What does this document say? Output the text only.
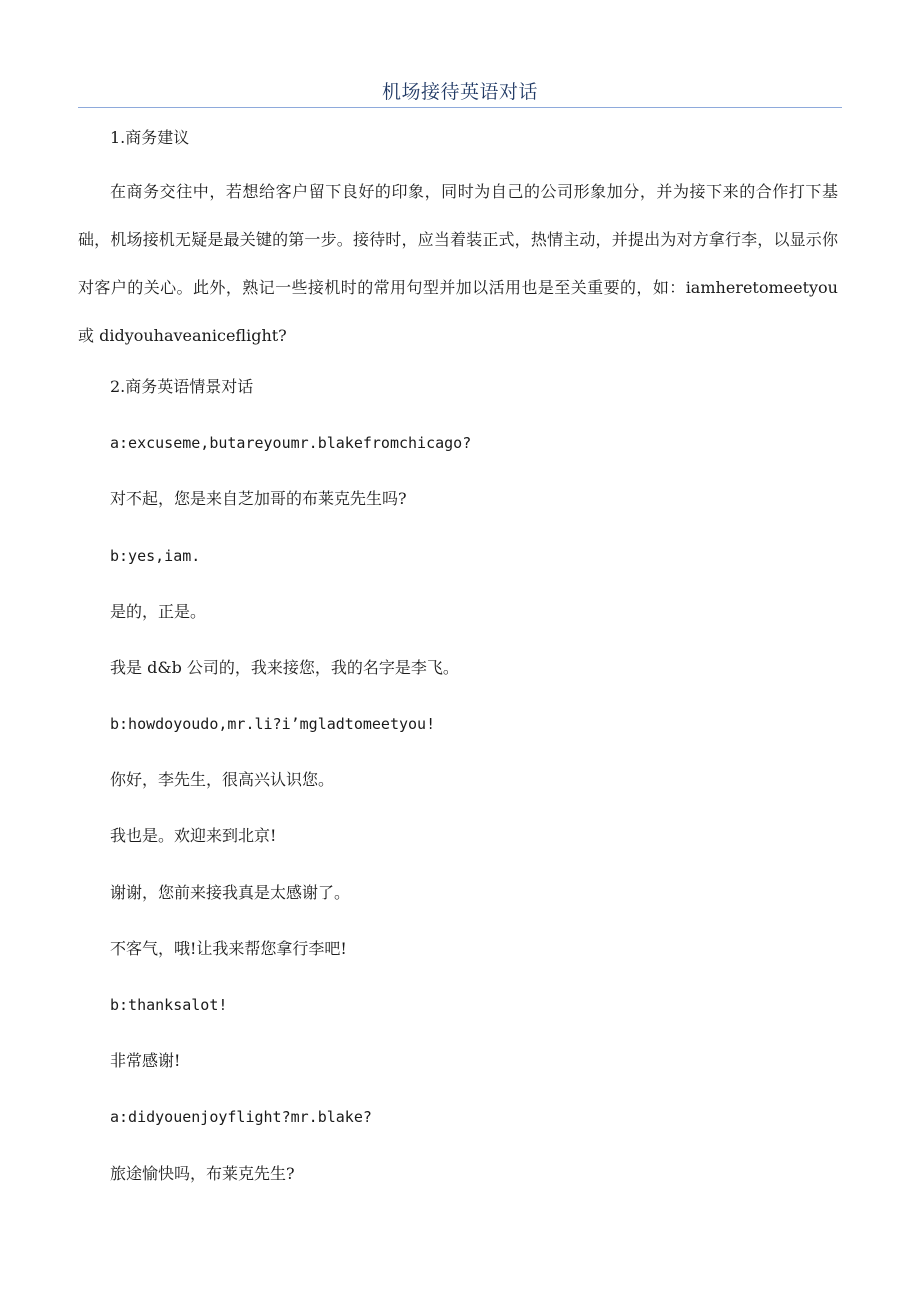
机场接待英语对话
1.商务建议
在商务交往中，若想给客户留下良好的印象，同时为自己的公司形象加分，并为接下来的合作打下基础，机场接机无疑是最关键的第一步。接待时，应当着装正式，热情主动，并提出为对方拿行李，以显示你对客户的关心。此外，熟记一些接机时的常用句型并加以活用也是至关重要的，如：iamheretomeetyou 或 didyouhaveaniceflight?
2.商务英语情景对话
a:excuseme,butareyoumr.blakefromchicago?
对不起，您是来自芝加哥的布莱克先生吗?
b:yes,iam.
是的，正是。
我是 d&b 公司的，我来接您，我的名字是李飞。
b:howdoyoudo,mr.li?i’mgladtomeetyou!
你好，李先生，很高兴认识您。
我也是。欢迎来到北京!
谢谢，您前来接我真是太感谢了。
不客气，哦!让我来帮您拿行李吧!
b:thanksalot!
非常感谢!
a:didyouenjoyflight?mr.blake?
旅途愉快吗，布莱克先生?
